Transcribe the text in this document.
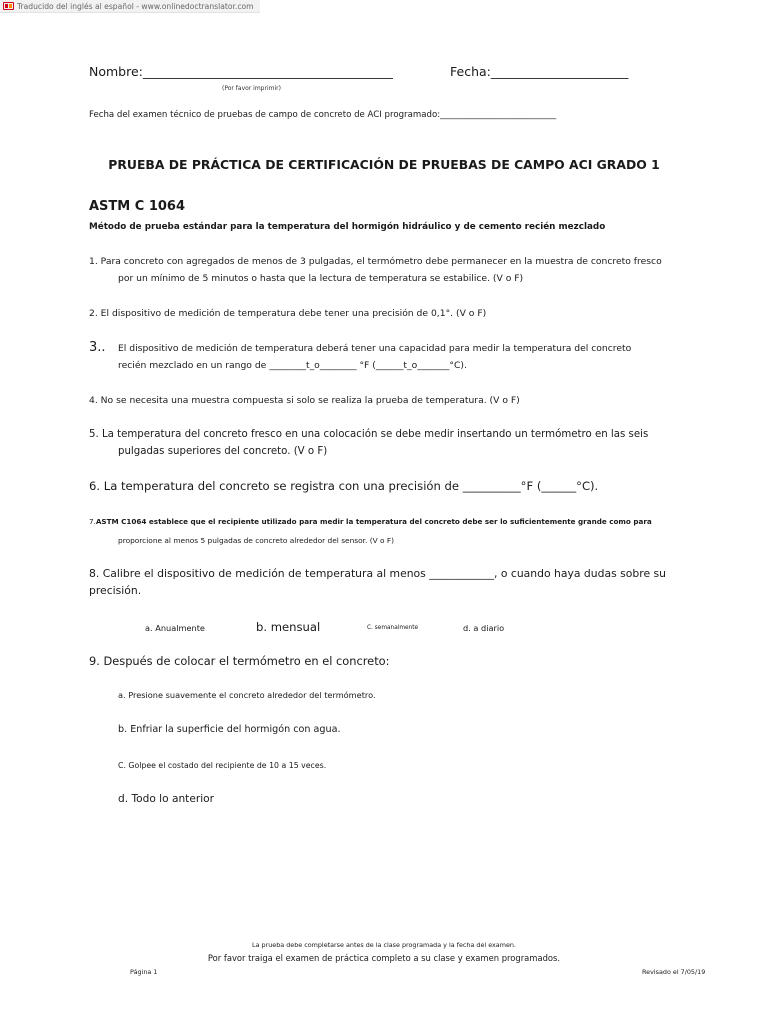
Traducido del inglés al español - www.onlinedoctranslator.com
Nombre:________________________________________
(Por favor imprimir)
Fecha:______________________
Fecha del examen técnico de pruebas de campo de concreto de ACI programado:___________________________
PRUEBA DE PRÁCTICA DE CERTIFICACIÓN DE PRUEBAS DE CAMPO ACI GRADO 1
ASTM C 1064
Método de prueba estándar para la temperatura del hormigón hidráulico y de cemento recién mezclado
1. Para concreto con agregados de menos de 3 pulgadas, el termómetro debe permanecer en la muestra de concreto fresco
por un mínimo de 5 minutos o hasta que la lectura de temperatura se estabilice. (V o F)
2. El dispositivo de medición de temperatura debe tener una precisión de 0,1°. (V o F)
3.. El dispositivo de medición de temperatura deberá tener una capacidad para medir la temperatura del concreto
recién mezclado en un rango de ________t_o________ °F (______t_o_______°C).
4. No se necesita una muestra compuesta si solo se realiza la prueba de temperatura. (V o F)
5. La temperatura del concreto fresco en una colocación se debe medir insertando un termómetro en las seis
pulgadas superiores del concreto. (V o F)
6. La temperatura del concreto se registra con una precisión de __________°F (______°C).
7.ASTM C1064 establece que el recipiente utilizado para medir la temperatura del concreto debe ser lo suficientemente grande como para
proporcione al menos 5 pulgadas de concreto alrededor del sensor. (V o F)
8. Calibre el dispositivo de medición de temperatura al menos ____________, o cuando haya dudas sobre su
precisión.
a. Anualmente	b. mensual	C. semanalmente	d. a diario
9. Después de colocar el termómetro en el concreto:
a. Presione suavemente el concreto alrededor del termómetro.
b. Enfriar la superficie del hormigón con agua.
C. Golpee el costado del recipiente de 10 a 15 veces.
d. Todo lo anterior
La prueba debe completarse antes de la clase programada y la fecha del examen.
Por favor traiga el examen de práctica completo a su clase y examen programados.
Página 1	Revisado el 7/05/19
